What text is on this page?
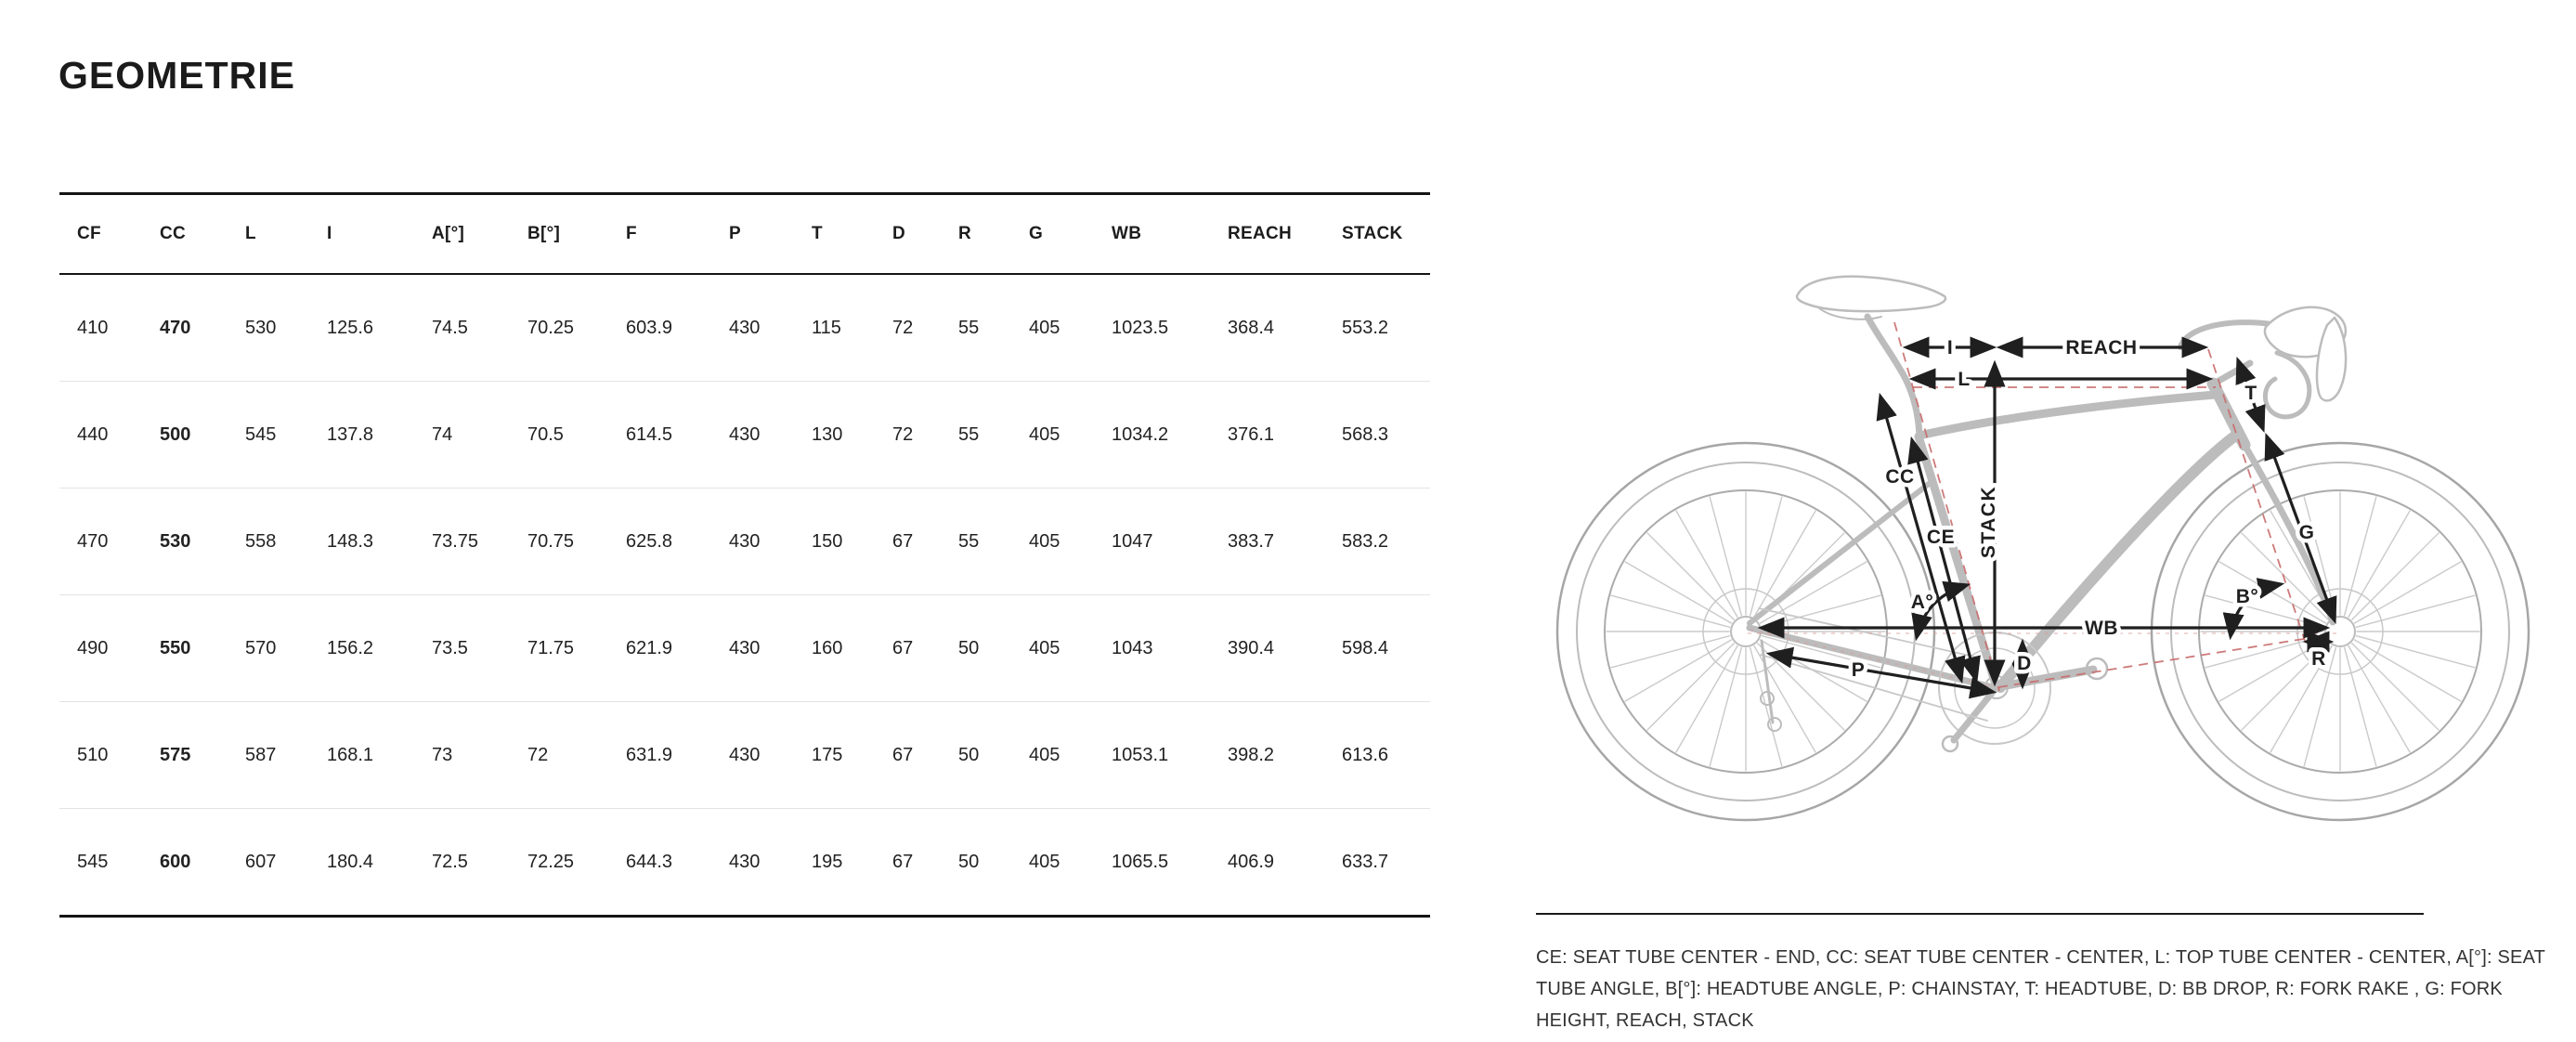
GEOMETRIE
CF	CC	L	I	A[°]	B[°]	F	P	T	D	R	G	WB	REACH	STACK
410	470	530	125.6	74.5	70.25	603.9	430	115	72	55	405	1023.5	368.4	553.2
440	500	545	137.8	74	70.5	614.5	430	130	72	55	405	1034.2	376.1	568.3
470	530	558	148.3	73.75	70.75	625.8	430	150	67	55	405	1047	383.7	583.2
490	550	570	156.2	73.5	71.75	621.9	430	160	67	50	405	1043	390.4	598.4
510	575	587	168.1	73	72	631.9	430	175	67	50	405	1053.1	398.2	613.6
545	600	607	180.4	72.5	72.25	644.3	430	195	67	50	405	1065.5	406.9	633.7
I	REACH
L
STACK
T
G
CC
CE
A°	B°
WB
D	R
P
CE: SEAT TUBE CENTER - END, CC: SEAT TUBE CENTER - CENTER, L: TOP TUBE CENTER - CENTER, A[°]: SEAT
TUBE ANGLE, B[°]: HEADTUBE ANGLE, P: CHAINSTAY, T: HEADTUBE, D: BB DROP, R: FORK RAKE , G: FORK
HEIGHT, REACH, STACK
